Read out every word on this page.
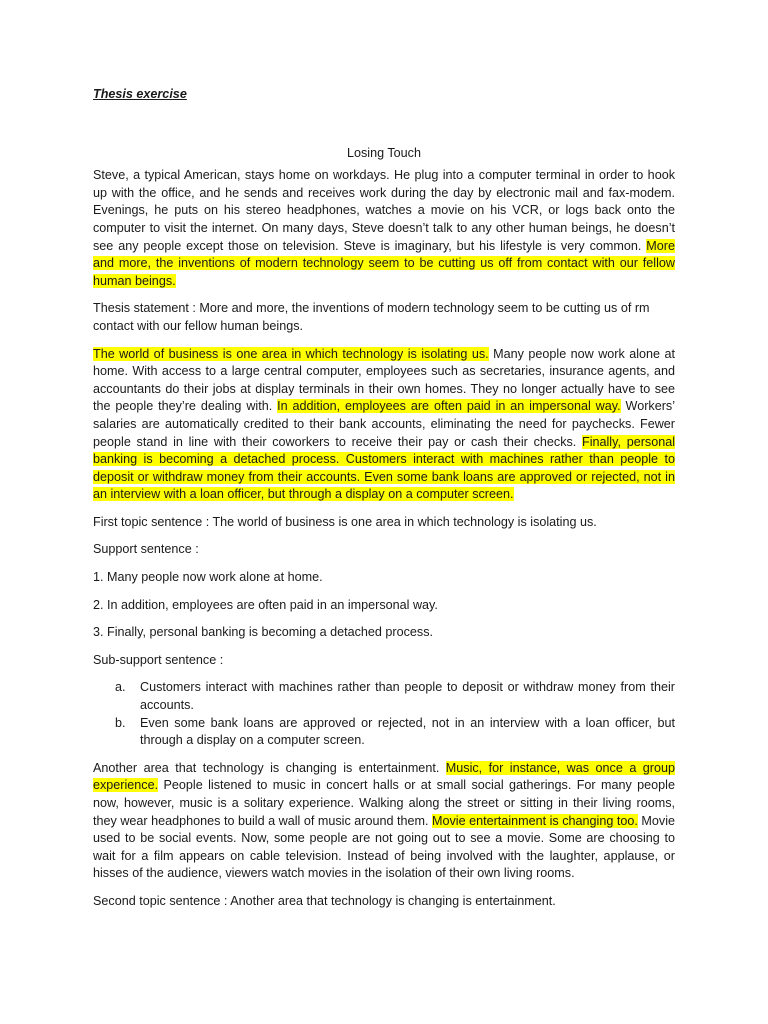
Thesis exercise
Losing Touch

Steve, a typical American, stays home on workdays. He plug into a computer terminal in order to hook up with the office, and he sends and receives work during the day by electronic mail and fax-modem. Evenings, he puts on his stereo headphones, watches a movie on his VCR, or logs back onto the computer to visit the internet. On many days, Steve doesn’t talk to any other human beings, he doesn’t see any people except those on television. Steve is imaginary, but his lifestyle is very common. More and more, the inventions of modern technology seem to be cutting us off from contact with our fellow human beings.

Thesis statement : More and more, the inventions of modern technology seem to be cutting us of rm contact with our fellow human beings.

The world of business is one area in which technology is isolating us. Many people now work alone at home. With access to a large central computer, employees such as secretaries, insurance agents, and accountants do their jobs at display terminals in their own homes. They no longer actually have to see the people they’re dealing with. In addition, employees are often paid in an impersonal way. Workers’ salaries are automatically credited to their bank accounts, eliminating the need for paychecks. Fewer people stand in line with their coworkers to receive their pay or cash their checks. Finally, personal banking is becoming a detached process. Customers interact with machines rather than people to deposit or withdraw money from their accounts. Even some bank loans are approved or rejected, not in an interview with a loan officer, but through a display on a computer screen.

First topic sentence : The world of business is one area in which technology is isolating us.

Support sentence :

1. Many people now work alone at home.

2. In addition, employees are often paid in an impersonal way.

3. Finally, personal banking is becoming a detached process.

Sub-support sentence :

a. Customers interact with machines rather than people to deposit or withdraw money from their accounts.
b. Even some bank loans are approved or rejected, not in an interview with a loan officer, but through a display on a computer screen.

Another area that technology is changing is entertainment. Music, for instance, was once a group experience. People listened to music in concert halls or at small social gatherings. For many people now, however, music is a solitary experience. Walking along the street or sitting in their living rooms, they wear headphones to build a wall of music around them. Movie entertainment is changing too. Movie used to be social events. Now, some people are not going out to see a movie. Some are choosing to wait for a film appears on cable television. Instead of being involved with the laughter, applause, or hisses of the audience, viewers watch movies in the isolation of their own living rooms.

Second topic sentence : Another area that technology is changing is entertainment.
